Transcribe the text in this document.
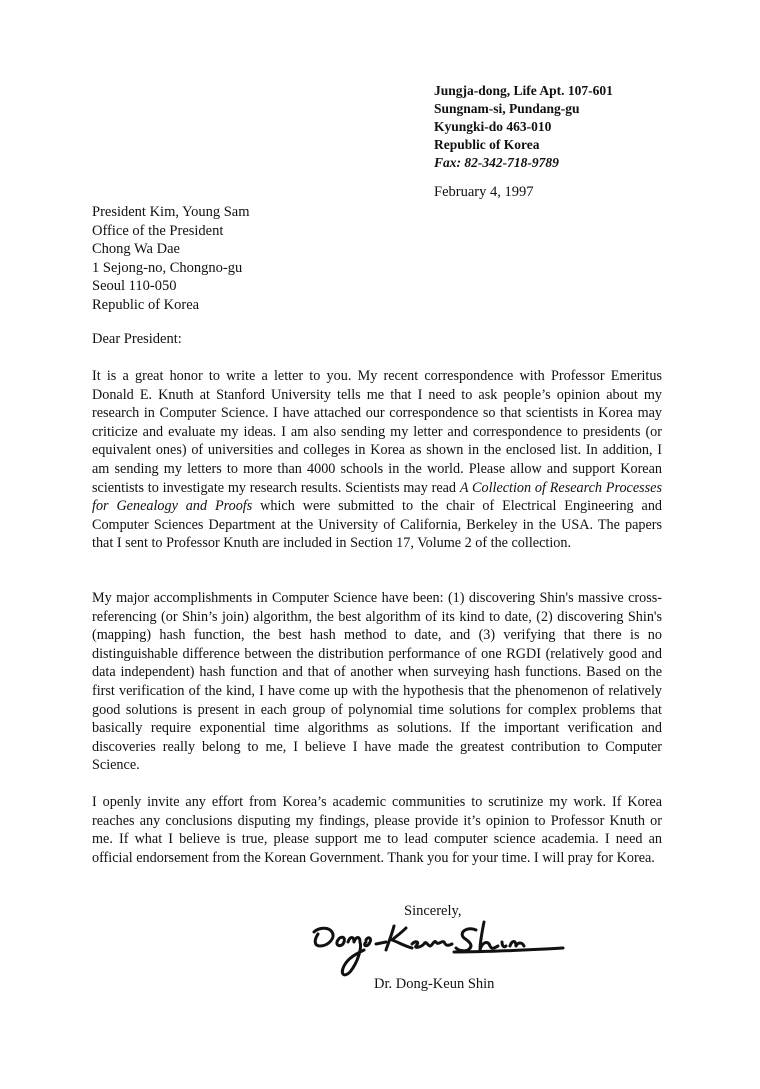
Jungja-dong, Life Apt. 107-601
Sungnam-si, Pundang-gu
Kyungki-do 463-010
Republic of Korea
Fax: 82-342-718-9789
February 4, 1997
President Kim, Young Sam
Office of the President
Chong Wa Dae
1 Sejong-no, Chongno-gu
Seoul 110-050
Republic of Korea
Dear President:

It is a great honor to write a letter to you. My recent correspondence with Professor Emeritus Donald E. Knuth at Stanford University tells me that I need to ask people’s opinion about my research in Computer Science. I have attached our correspondence so that scientists in Korea may criticize and evaluate my ideas. I am also sending my letter and correspondence to presidents (or equivalent ones) of universities and colleges in Korea as shown in the enclosed list. In addition, I am sending my letters to more than 4000 schools in the world. Please allow and support Korean scientists to investigate my research results. Scientists may read A Collection of Research Processes for Genealogy and Proofs which were submitted to the chair of Electrical Engineering and Computer Sciences Department at the University of California, Berkeley in the USA. The papers that I sent to Professor Knuth are included in Section 17, Volume 2 of the collection.

My major accomplishments in Computer Science have been: (1) discovering Shin's massive cross-referencing (or Shin’s join) algorithm, the best algorithm of its kind to date, (2) discovering Shin's (mapping) hash function, the best hash method to date, and (3) verifying that there is no distinguishable difference between the distribution performance of one RGDI (relatively good and data independent) hash function and that of another when surveying hash functions. Based on the first verification of the kind, I have come up with the hypothesis that the phenomenon of relatively good solutions is present in each group of polynomial time solutions for complex problems that basically require exponential time algorithms as solutions. If the important verification and discoveries really belong to me, I believe I have made the greatest contribution to Computer Science.

I openly invite any effort from Korea’s academic communities to scrutinize my work. If Korea reaches any conclusions disputing my findings, please provide it’s opinion to Professor Knuth or me. If what I believe is true, please support me to lead computer science academia. I need an official endorsement from the Korean Government. Thank you for your time. I will pray for Korea.

Sincerely,
Dr. Dong-Keun Shin
